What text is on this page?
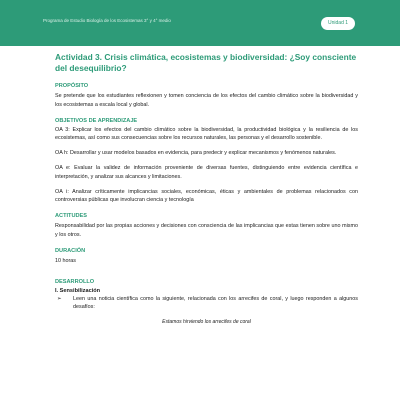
Programa de Estudio Biología de los Ecosistemas 3° y 4° medio	Unidad 1
Actividad 3. Crisis climática, ecosistemas y biodiversidad: ¿Soy consciente del desequilibrio?
PROPÓSITO

Se pretende que los estudiantes reflexionen y tomen conciencia de los efectos del cambio climático sobre la biodiversidad y los ecosistemas a escala local y global.

OBJETIVOS DE APRENDIZAJE

OA 3: Explicar los efectos del cambio climático sobre la biodiversidad, la productividad biológica y la resiliencia de los ecosistemas, así como sus consecuencias sobre los recursos naturales, las personas y el desarrollo sostenible.

OA h: Desarrollar y usar modelos basados en evidencia, para predecir y explicar mecanismos y fenómenos naturales.

OA e: Evaluar la validez de información proveniente de diversas fuentes, distinguiendo entre evidencia científica e interpretación, y analizar sus alcances y limitaciones.

OA i: Analizar críticamente implicancias sociales, económicas, éticas y ambientales de problemas relacionados con controversias públicas que involucran ciencia y tecnología

ACTITUDES

Responsabilidad por las propias acciones y decisiones con consciencia de las implicancias que estas tienen sobre uno mismo y los otros.

DURACIÓN

10 horas

DESARROLLO
I. Sensibilización
➢	Leen una noticia científica como la siguiente, relacionada con los arrecifes de coral, y luego responden a algunos desafíos:

Estamos hirviendo los arrecifes de coral
